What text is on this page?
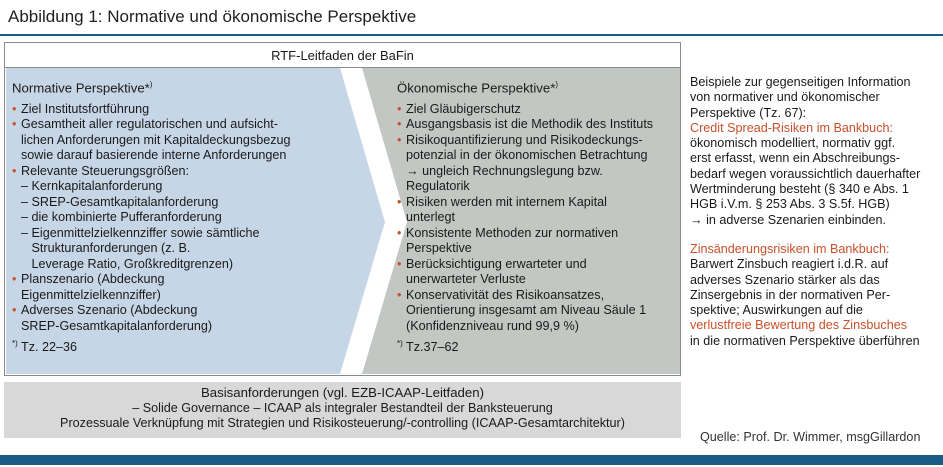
Abbildung 1: Normative und ökonomische Perspektive
RTF-Leitfaden der BaFin
Normative Perspektive*)
• Ziel Institutsfortführung
• Gesamtheit aller regulatorischen und aufsicht-
lichen Anforderungen mit Kapitaldeckungsbezug
sowie darauf basierende interne Anforderungen
• Relevante Steuerungsgrößen:
– Kernkapitalanforderung
– SREP-Gesamtkapitalanforderung
– die kombinierte Pufferanforderung
– Eigenmittelzielkennziffer sowie sämtliche
Strukturanforderungen (z. B.
Leverage Ratio, Großkreditgrenzen)
• Planszenario (Abdeckung
Eigenmittelzielkennziffer)
• Adverses Szenario (Abdeckung
SREP-Gesamtkapitalanforderung)
*) Tz. 22–36
Ökonomische Perspektive*)
• Ziel Gläubigerschutz
• Ausgangsbasis ist die Methodik des Instituts
• Risikoquantifizierung und Risikodeckungs-
potenzial in der ökonomischen Betrachtung
→ ungleich Rechnungslegung bzw.
Regulatorik
• Risiken werden mit internem Kapital
unterlegt
• Konsistente Methoden zur normativen
Perspektive
• Berücksichtigung erwarteter und
unerwarteter Verluste
• Konservativität des Risikoansatzes,
Orientierung insgesamt am Niveau Säule 1
(Konfidenzniveau rund 99,9 %)
*) Tz.37–62
Beispiele zur gegenseitigen Information
von normativer und ökonomischer
Perspektive (Tz. 67):
Credit Spread-Risiken im Bankbuch:
ökonomisch modelliert, normativ ggf.
erst erfasst, wenn ein Abschreibungs-
bedarf wegen voraussichtlich dauerhafter
Wertminderung besteht (§ 340 e Abs. 1
HGB i.V.m. § 253 Abs. 3 S.5f. HGB)
→ in adverse Szenarien einbinden.
Zinsänderungsrisiken im Bankbuch:
Barwert Zinsbuch reagiert i.d.R. auf
adverses Szenario stärker als das
Zinsergebnis in der normativen Per-
spektive; Auswirkungen auf die
verlustfreie Bewertung des Zinsbuches
in die normativen Perspektive überführen
Basisanforderungen (vgl. EZB-ICAAP-Leitfaden)
– Solide Governance – ICAAP als integraler Bestandteil der Banksteuerung
Prozessuale Verknüpfung mit Strategien und Risikosteuerung/-controlling (ICAAP-Gesamtarchitektur)
Quelle: Prof. Dr. Wimmer, msgGillardon
